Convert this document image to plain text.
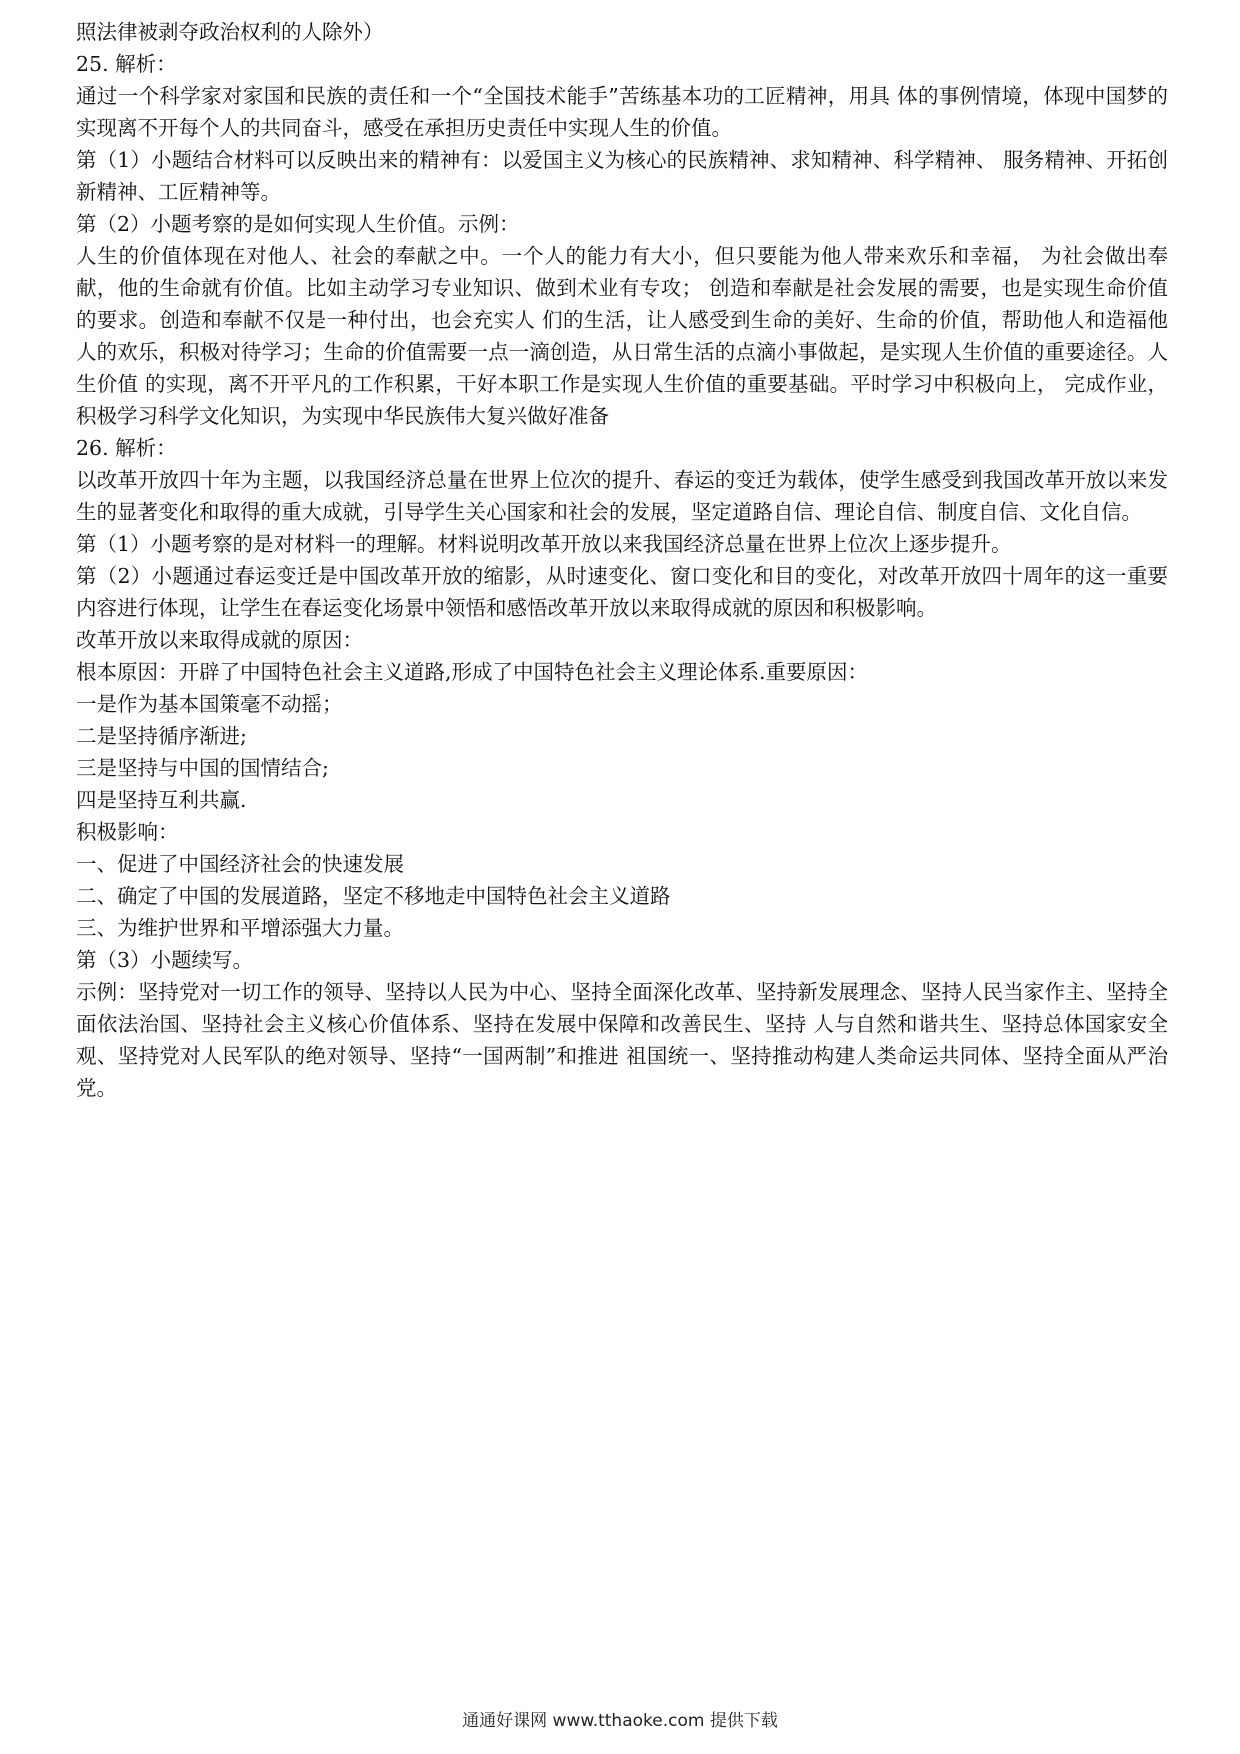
照法律被剥夺政治权利的人除外）

25. 解析：

通过一个科学家对家国和民族的责任和一个“全国技术能手”苦练基本功的工匠精神，用具 体的事例情境，体现中国梦的实现离不开每个人的共同奋斗，感受在承担历史责任中实现人生的价值。

第（1）小题结合材料可以反映出来的精神有：以爱国主义为核心的民族精神、求知精神、科学精神、 服务精神、开拓创新精神、工匠精神等。

第（2）小题考察的是如何实现人生价值。示例：

人生的价值体现在对他人、社会的奉献之中。一个人的能力有大小，但只要能为他人带来欢乐和幸福， 为社会做出奉献，他的生命就有价值。比如主动学习专业知识、做到术业有专攻； 创造和奉献是社会发展的需要，也是实现生命价值的要求。创造和奉献不仅是一种付出，也会充实人 们的生活，让人感受到生命的美好、生命的价值，帮助他人和造福他人的欢乐，积极对待学习；生命的价值需要一点一滴创造，从日常生活的点滴小事做起，是实现人生价值的重要途径。人生价值 的实现，离不开平凡的工作积累，干好本职工作是实现人生价值的重要基础。平时学习中积极向上， 完成作业，积极学习科学文化知识，为实现中华民族伟大复兴做好准备

26. 解析：

以改革开放四十年为主题，以我国经济总量在世界上位次的提升、春运的变迁为载体，使学生感受到我国改革开放以来发生的显著变化和取得的重大成就，引导学生关心国家和社会的发展，坚定道路自信、理论自信、制度自信、文化自信。

第（1）小题考察的是对材料一的理解。材料说明改革开放以来我国经济总量在世界上位次上逐步提升。

第（2）小题通过春运变迁是中国改革开放的缩影，从时速变化、窗口变化和目的变化，对改革开放四十周年的这一重要内容进行体现，让学生在春运变化场景中领悟和感悟改革开放以来取得成就的原因和积极影响。

改革开放以来取得成就的原因：

根本原因：开辟了中国特色社会主义道路,形成了中国特色社会主义理论体系.重要原因：

一是作为基本国策毫不动摇；

二是坚持循序渐进;

三是坚持与中国的国情结合;

四是坚持互利共赢.

积极影响：

一、促进了中国经济社会的快速发展

二、确定了中国的发展道路，坚定不移地走中国特色社会主义道路

三、为维护世界和平增添强大力量。

第（3）小题续写。

示例：坚持党对一切工作的领导、坚持以人民为中心、坚持全面深化改革、坚持新发展理念、坚持人民当家作主、坚持全面依法治国、坚持社会主义核心价值体系、坚持在发展中保障和改善民生、坚持 人与自然和谐共生、坚持总体国家安全观、坚持党对人民军队的绝对领导、坚持“一国两制”和推进 祖国统一、坚持推动构建人类命运共同体、坚持全面从严治党。

通通好课网 www.tthaoke.com 提供下载
